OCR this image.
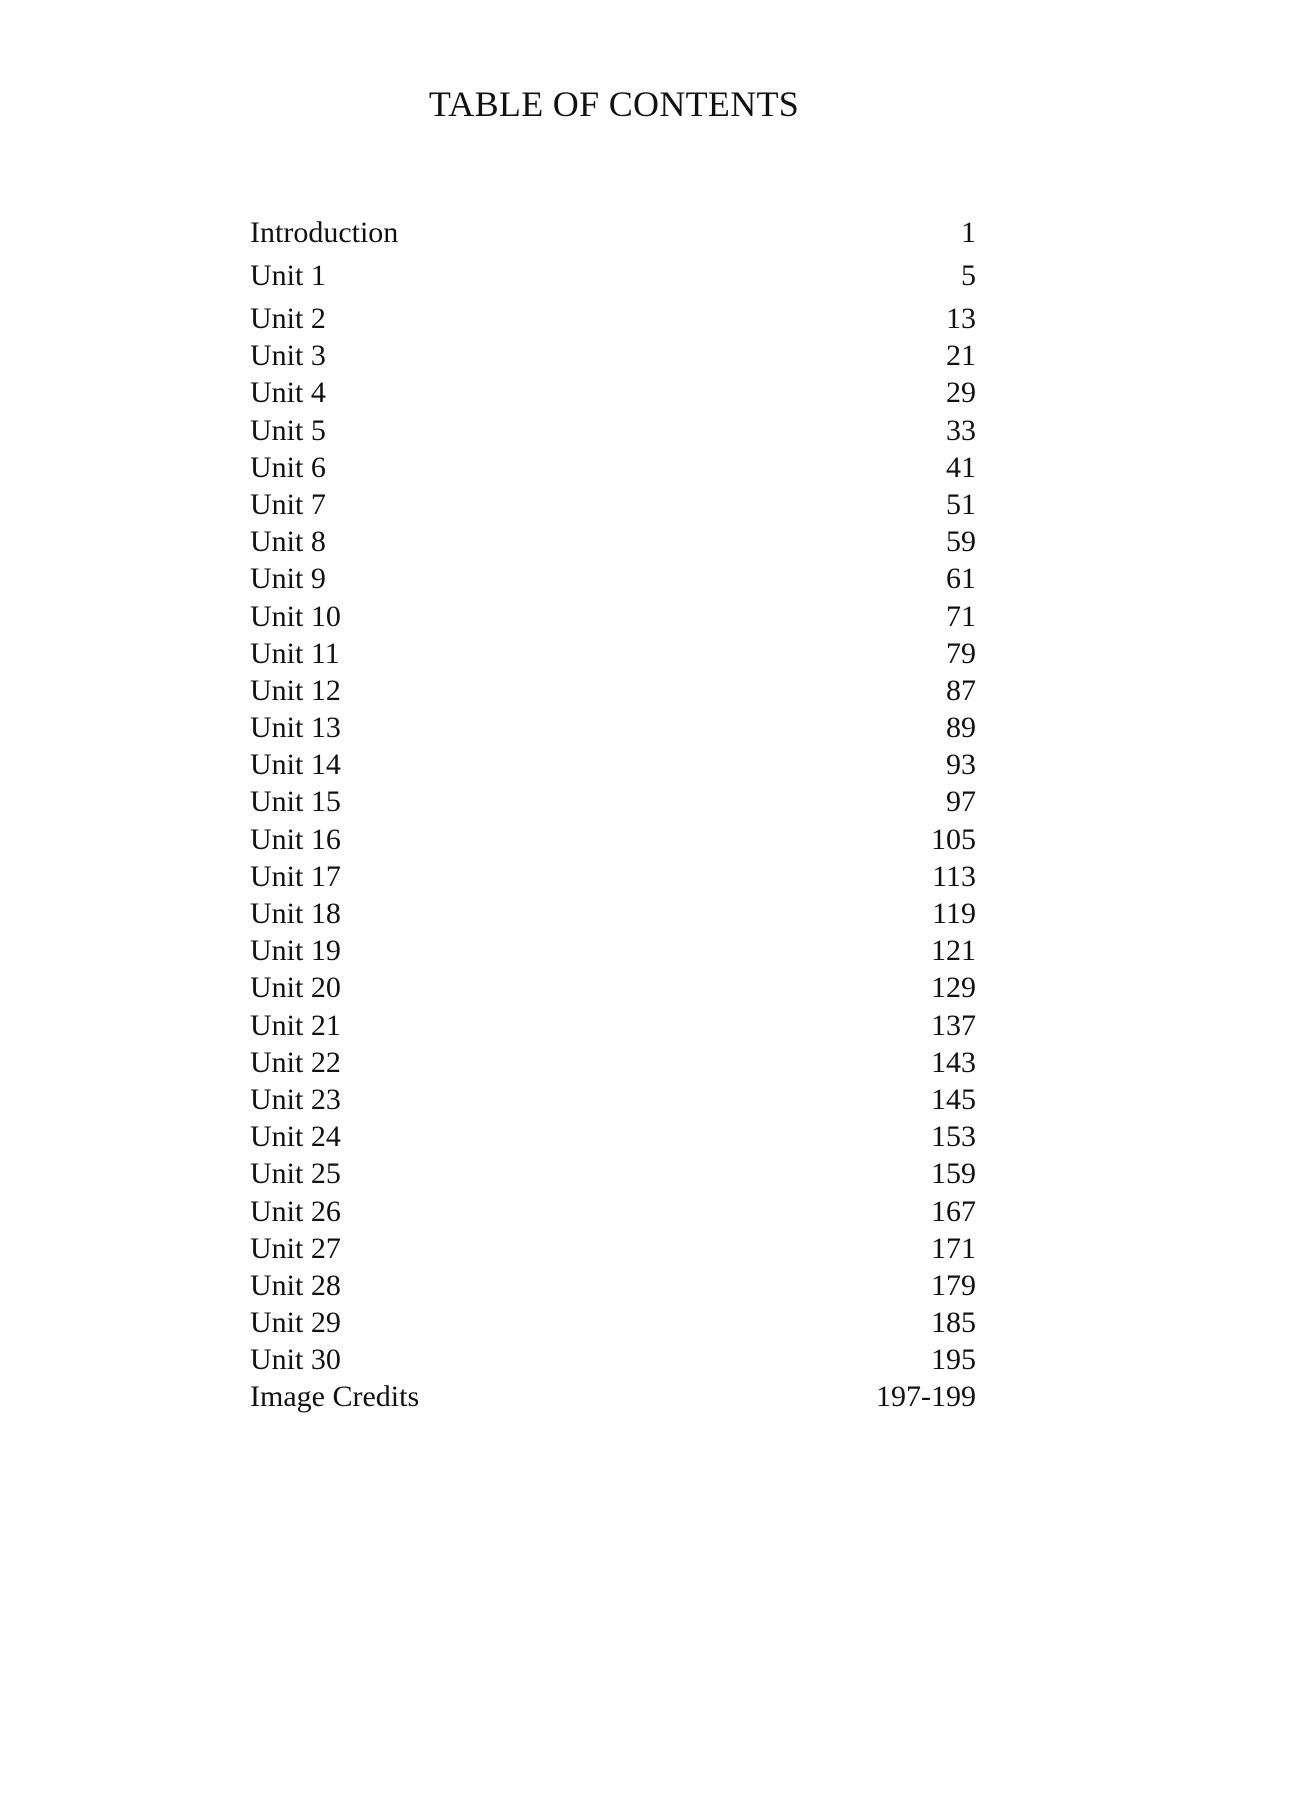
TABLE OF CONTENTS
Introduction	1
Unit 1	5
Unit 2	13
Unit 3	21
Unit 4	29
Unit 5	33
Unit 6	41
Unit 7	51
Unit 8	59
Unit 9	61
Unit 10	71
Unit 11	79
Unit 12	87
Unit 13	89
Unit 14	93
Unit 15	97
Unit 16	105
Unit 17	113
Unit 18	119
Unit 19	121
Unit 20	129
Unit 21	137
Unit 22	143
Unit 23	145
Unit 24	153
Unit 25	159
Unit 26	167
Unit 27	171
Unit 28	179
Unit 29	185
Unit 30	195
Image Credits	197-199
